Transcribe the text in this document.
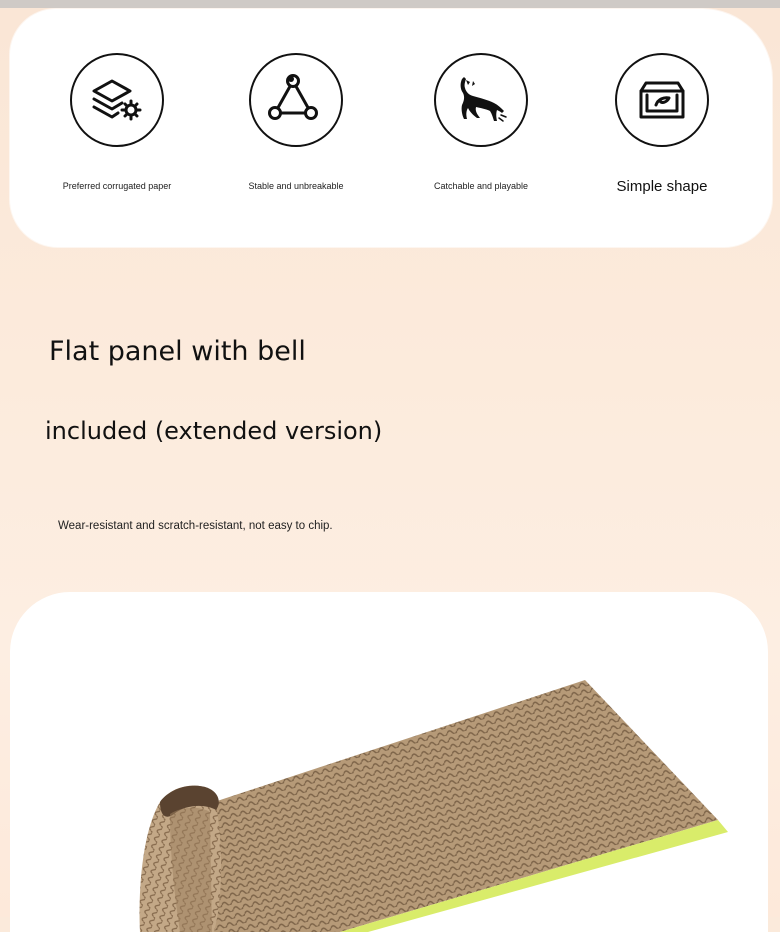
Preferred corrugated paper	Stable and unbreakable	Catchable and playable	Simple shape
Flat panel with bell
included (extended version)
Wear-resistant and scratch-resistant, not easy to chip.
